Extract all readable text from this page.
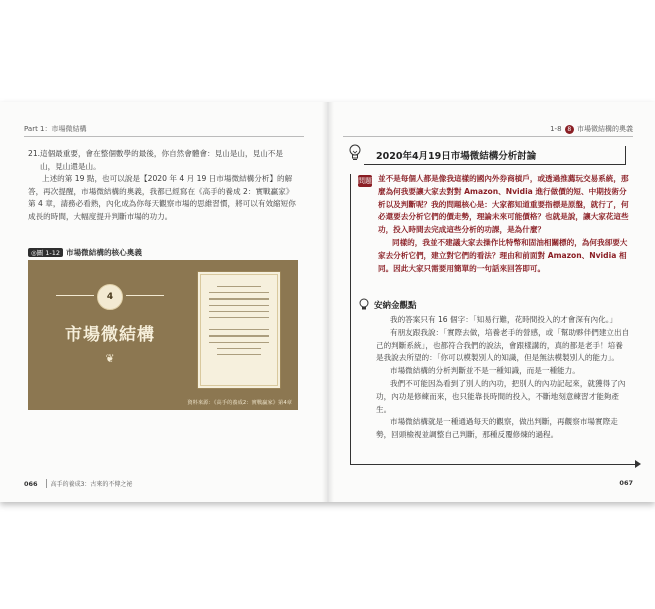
Part 1：市場微結構

21.這個最重要，會在整個數學的最後，你自然會體會：見山是山，見山不是山，見山還是山。

上述的第 19 點，也可以說是【2020 年 4 月 19 日市場微結構分析】的解答，再次提醒，市場微結構的奧義，我都已經寫在《高手的養成 2：實戰贏家》第 4 章，請務必看熟，內化成為你每天觀察市場的思維習慣，將可以有效縮短你成長的時間，大幅度提升判斷市場的功力。

◎圖 1-12 市場微結構的核心奧義
4
市場微結構
❦
資料來源：《高手的養成2：實戰贏家》第4章
066 高手的養成3：古來的不傳之祕
1-8 8 市場微結構的奧義
2020年4月19日市場微結構分析討論
問題 並不是每個人都是像我這樣的國內外券商槓戶，或透過推薦玩交易系統，那麼為何我要讓大家去對對 Amazon、Nvidia 進行做價的短、中期技術分析以及判斷呢？我的問題核心是：大家都知道重要指標是原盤，就行了，何必還要去分析它們的價走勢，理論未來可能價格？也就是說，讓大家花這些功，投入時間去完成這些分析的功課，是為什麼？

同樣的，我並不建議大家去操作比特幣和固油相關標的，為何我卻要大家去分析它們，建立對它們的看法？理由和前面對 Amazon、Nvidia 相同。因此大家只需要用簡單的一句話來回答即可。

安納金觀點

我的答案只有 16 個字：「知易行難，花時間投入的才會深有內化。」

有朋友跟我說：「實際去做，培養老手的營感，或「幫助夥伴們建立出自己的判斷系統」，也都符合我們的說法，會跟樣講的，真的都是老手！培養是我說去所望的：「你可以模製別人的知識，但是無法模製別人的能力」。

市場微結構的分析判斷並不是一種知識，而是一種能力。

我們不可能因為看到了別人的內功，把別人的內功記起來，就獲得了內功，內功是修練而來，也只能靠長時間的投入，不斷地刻意練習才能夠產生。

市場微結構就是一種通過每天的觀察，做出判斷，再觀察市場實際走勢，回頭檢視並調整自己判斷，那種反覆修煉的過程。

067
